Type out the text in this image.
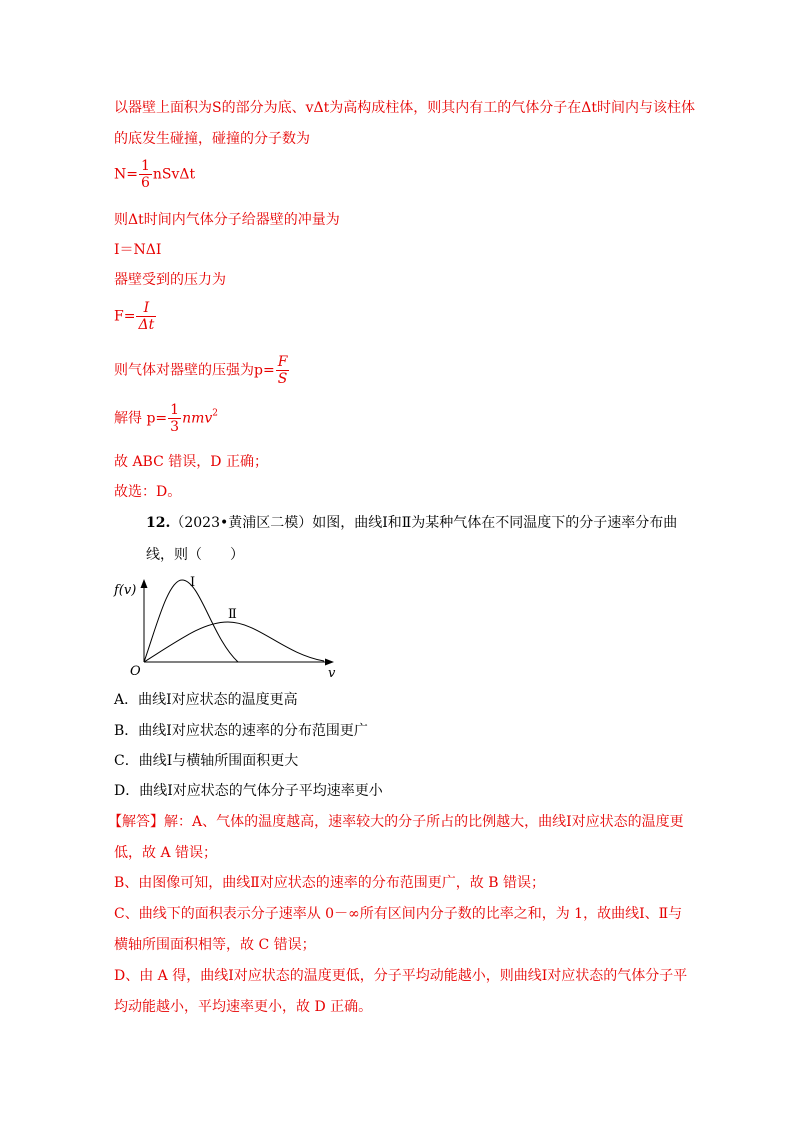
以器壁上面积为S的部分为底、vΔt为高构成柱体，则其内有工的气体分子在Δt时间内与该柱体
的底发生碰撞，碰撞的分子数为
$N= \frac{1}{6}$ nSvΔt
则Δt时间内气体分子给器壁的冲量为
I＝NΔI
器壁受到的压力为
$F= \frac{I}{\Delta t}$
则气体对器壁的压强为$p= \frac{F}{S}$
解得 $p= \frac{1}{3} nmv^2$
故 ABC 错误，D 正确；
故选：D。
12.（2023•黄浦区二模）如图，曲线Ⅰ和Ⅱ为某种气体在不同温度下的分子速率分布曲
线，则（　　）
f(v)
O	v
Ⅰ
Ⅱ
A．曲线Ⅰ对应状态的温度更高
B．曲线Ⅰ对应状态的速率的分布范围更广
C．曲线Ⅰ与横轴所围面积更大
D．曲线Ⅰ对应状态的气体分子平均速率更小
【解答】解：A、气体的温度越高，速率较大的分子所占的比例越大，曲线Ⅰ对应状态的温度更
低，故 A 错误；
B、由图像可知，曲线Ⅱ对应状态的速率的分布范围更广，故 B 错误；
C、曲线下的面积表示分子速率从 0－∞所有区间内分子数的比率之和，为 1，故曲线Ⅰ、Ⅱ与
横轴所围面积相等，故 C 错误；
D、由 A 得，曲线Ⅰ对应状态的温度更低，分子平均动能越小，则曲线Ⅰ对应状态的气体分子平
均动能越小，平均速率更小，故 D 正确。
